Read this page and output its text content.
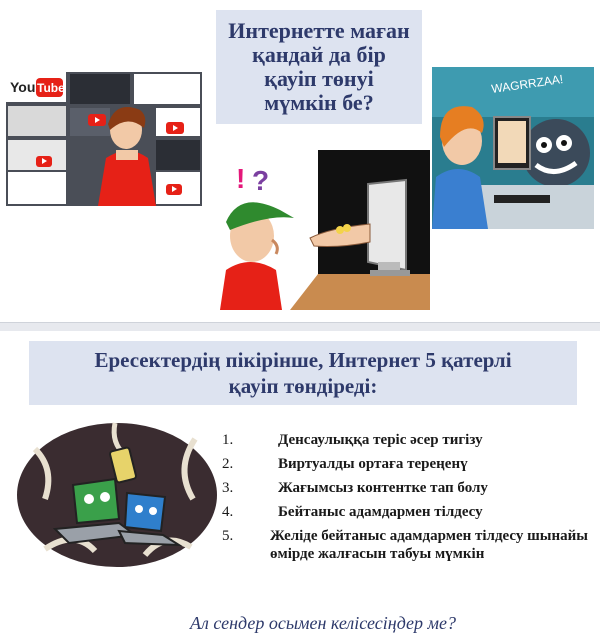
Интернетте маған
қандай да бір
қауіп төнуі
мүмкін бе?
You Tube
! ?
WAGRRZAA!
Ересектердің пікірінше, Интернет 5 қатерлі
қауіп төндіреді:
1.	Денсаулыққа теріс әсер тигізу
2.	Виртуалды ортаға тереңенү
3.	Жағымсыз контентке тап болу
4.	Бейтаныс адамдармен тілдесу
5. Желіде бейтаныс адамдармен тілдесу шынайы өмірде жалғасын табуы мүмкін
Ал сендер осымен келісесіңдер ме?
